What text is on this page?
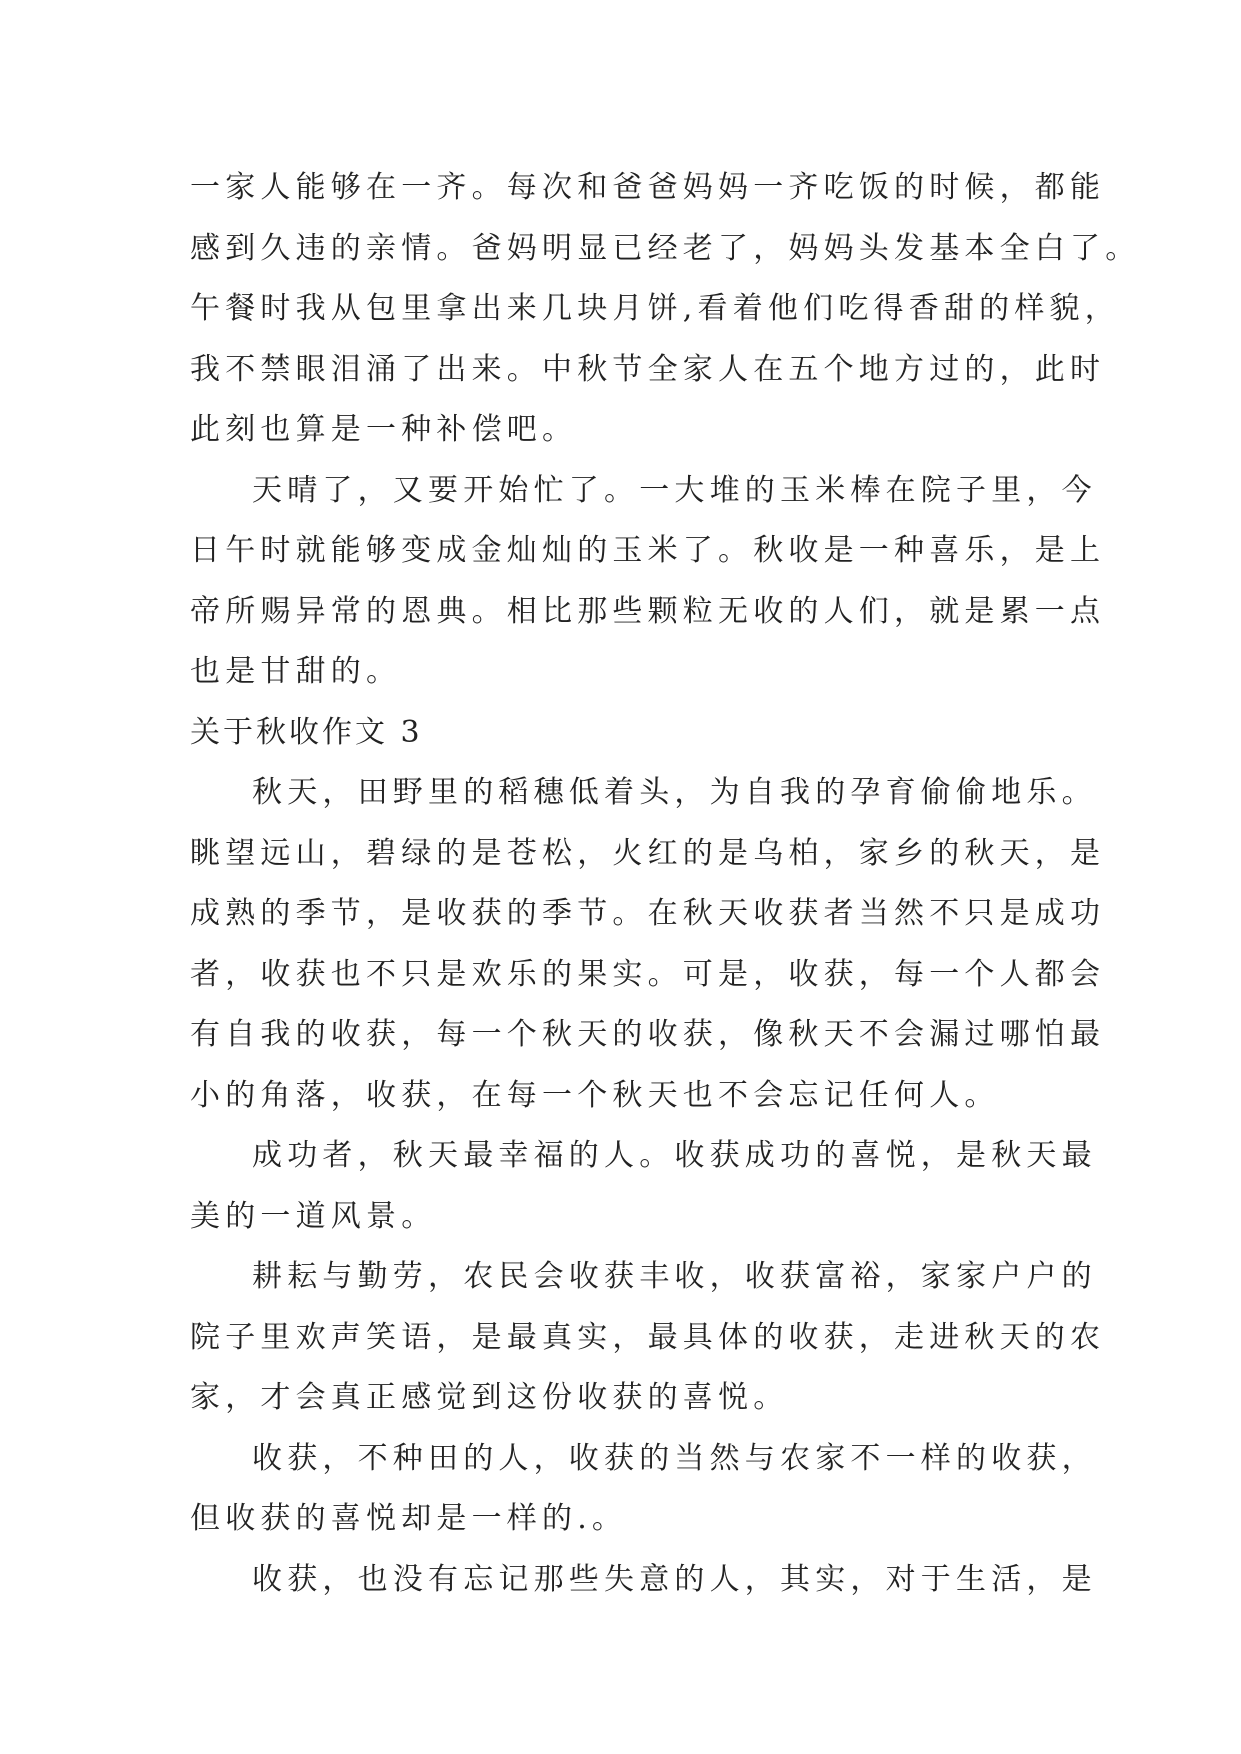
一家人能够在一齐。每次和爸爸妈妈一齐吃饭的时候，都能
感到久违的亲情。爸妈明显已经老了，妈妈头发基本全白了。
午餐时我从包里拿出来几块月饼,看着他们吃得香甜的样貌，
我不禁眼泪涌了出来。中秋节全家人在五个地方过的，此时
此刻也算是一种补偿吧。
天晴了，又要开始忙了。一大堆的玉米棒在院子里，今
日午时就能够变成金灿灿的玉米了。秋收是一种喜乐，是上
帝所赐异常的恩典。相比那些颗粒无收的人们，就是累一点
也是甘甜的。
关于秋收作文 3
秋天，田野里的稻穗低着头，为自我的孕育偷偷地乐。
眺望远山，碧绿的是苍松，火红的是乌柏，家乡的秋天，是
成熟的季节，是收获的季节。在秋天收获者当然不只是成功
者，收获也不只是欢乐的果实。可是，收获，每一个人都会
有自我的收获，每一个秋天的收获，像秋天不会漏过哪怕最
小的角落，收获，在每一个秋天也不会忘记任何人。
成功者，秋天最幸福的人。收获成功的喜悦，是秋天最
美的一道风景。
耕耘与勤劳，农民会收获丰收，收获富裕，家家户户的
院子里欢声笑语，是最真实，最具体的收获，走进秋天的农
家，才会真正感觉到这份收获的喜悦。
收获，不种田的人，收获的当然与农家不一样的收获，
但收获的喜悦却是一样的.。
收获，也没有忘记那些失意的人，其实，对于生活，是
